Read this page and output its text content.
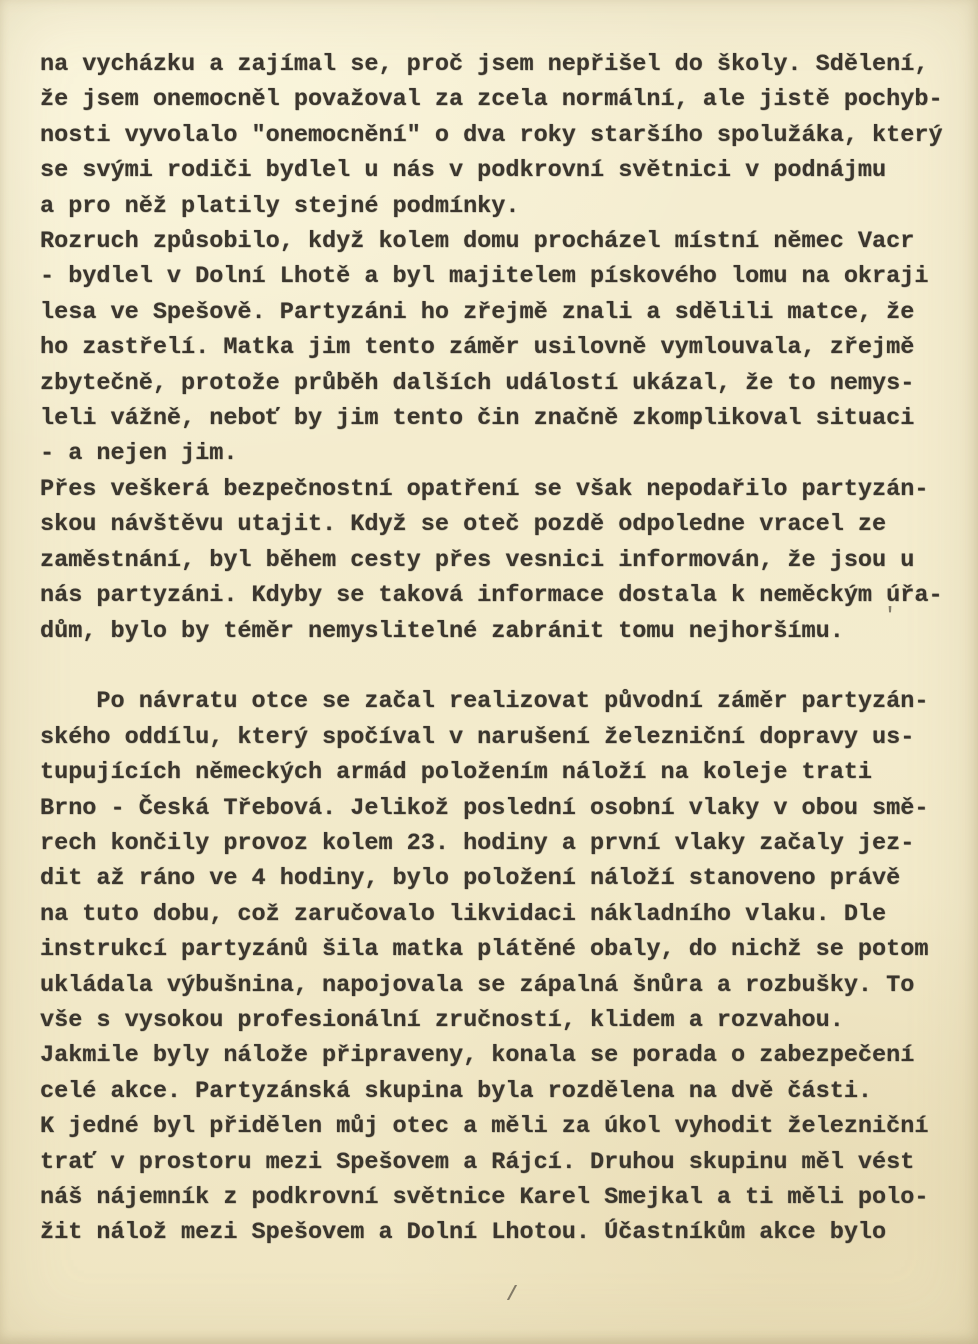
na vycházku a zajímal se, proč jsem nepřišel do školy. Sdělení,
že jsem onemocněl považoval za zcela normální, ale jistě pochyb-
nosti vyvolalo "onemocnění" o dva roky staršího spolužáka, který
se svými rodiči bydlel u nás v podkrovní světnici v podnájmu
a pro něž platily stejné podmínky.
Rozruch způsobilo, když kolem domu procházel místní němec Vacr
- bydlel v Dolní Lhotě a byl majitelem pískového lomu na okraji
lesa ve Spešově. Partyzáni ho zřejmě znali a sdělili matce, že
ho zastřelí. Matka jim tento záměr usilovně vymlouvala, zřejmě
zbytečně, protože průběh dalších událostí ukázal, že to nemys-
leli vážně, neboť by jim tento čin značně zkomplikoval situaci
- a nejen jim.
Přes veškerá bezpečnostní opatření se však nepodařilo partyzán-
skou návštěvu utajit. Když se oteč pozdě odpoledne vracel ze
zaměstnání, byl během cesty přes vesnici informován, že jsou u
nás partyzáni. Kdyby se taková informace dostala k neměckým úřa-
dům, bylo by téměr nemyslitelné zabránit tomu nejhoršímu.
Po návratu otce se začal realizovat původní záměr partyzán-
ského oddílu, který spočíval v narušení železniční dopravy us-
tupujících německých armád položením náloží na koleje trati
Brno - Česká Třebová. Jelikož poslední osobní vlaky v obou smě-
rech končily provoz kolem 23. hodiny a první vlaky začaly jez-
dit až ráno ve 4 hodiny, bylo položení náloží stanoveno právě
na tuto dobu, což zaručovalo likvidaci nákladního vlaku. Dle
instrukcí partyzánů šila matka plátěné obaly, do nichž se potom
ukládala výbušnina, napojovala se zápalná šnůra a rozbušky. To
vše s vysokou profesionální zručností, klidem a rozvahou.
Jakmile byly nálože připraveny, konala se porada o zabezpečení
celé akce. Partyzánská skupina byla rozdělena na dvě části.
K jedné byl přidělen můj otec a měli za úkol vyhodit železniční
trať v prostoru mezi Spešovem a Rájcí. Druhou skupinu měl vést
náš nájemník z podkrovní světnice Karel Smejkal a ti měli polo-
žit nálož mezi Spešovem a Dolní Lhotou. Účastníkům akce bylo
'
/
